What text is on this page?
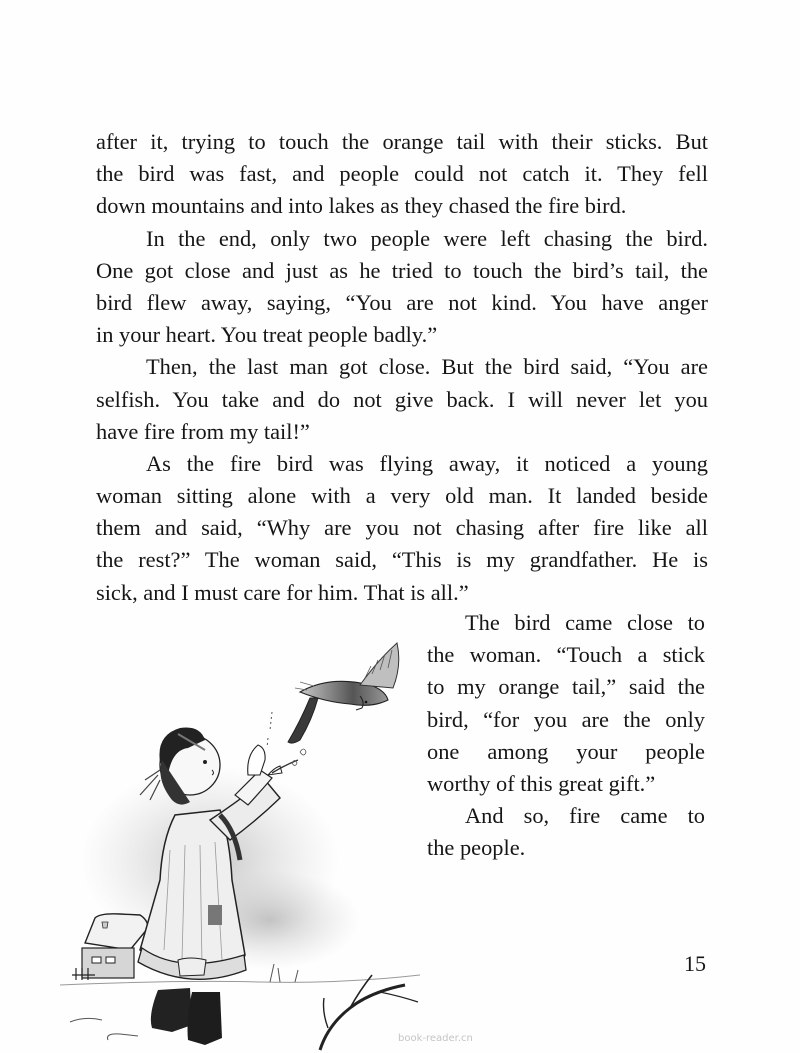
after it, trying to touch the orange tail with their sticks. But
the bird was fast, and people could not catch it. They fell
down mountains and into lakes as they chased the fire bird.
In the end, only two people were left chasing the bird.
One got close and just as he tried to touch the bird’s tail, the
bird flew away, saying, “You are not kind. You have anger
in your heart. You treat people badly.”
Then, the last man got close. But the bird said, “You are
selfish. You take and do not give back. I will never let you
have fire from my tail!”
As the fire bird was flying away, it noticed a young
woman sitting alone with a very old man. It landed beside
them and said, “Why are you not chasing after fire like all
the rest?” The woman said, “This is my grandfather. He is
sick, and I must care for him. That is all.”
The bird came close to
the woman. “Touch a stick
to my orange tail,” said the
bird, “for you are the only
one among your people
worthy of this great gift.”
And so, fire came to
the people.
15
book-reader.cn
